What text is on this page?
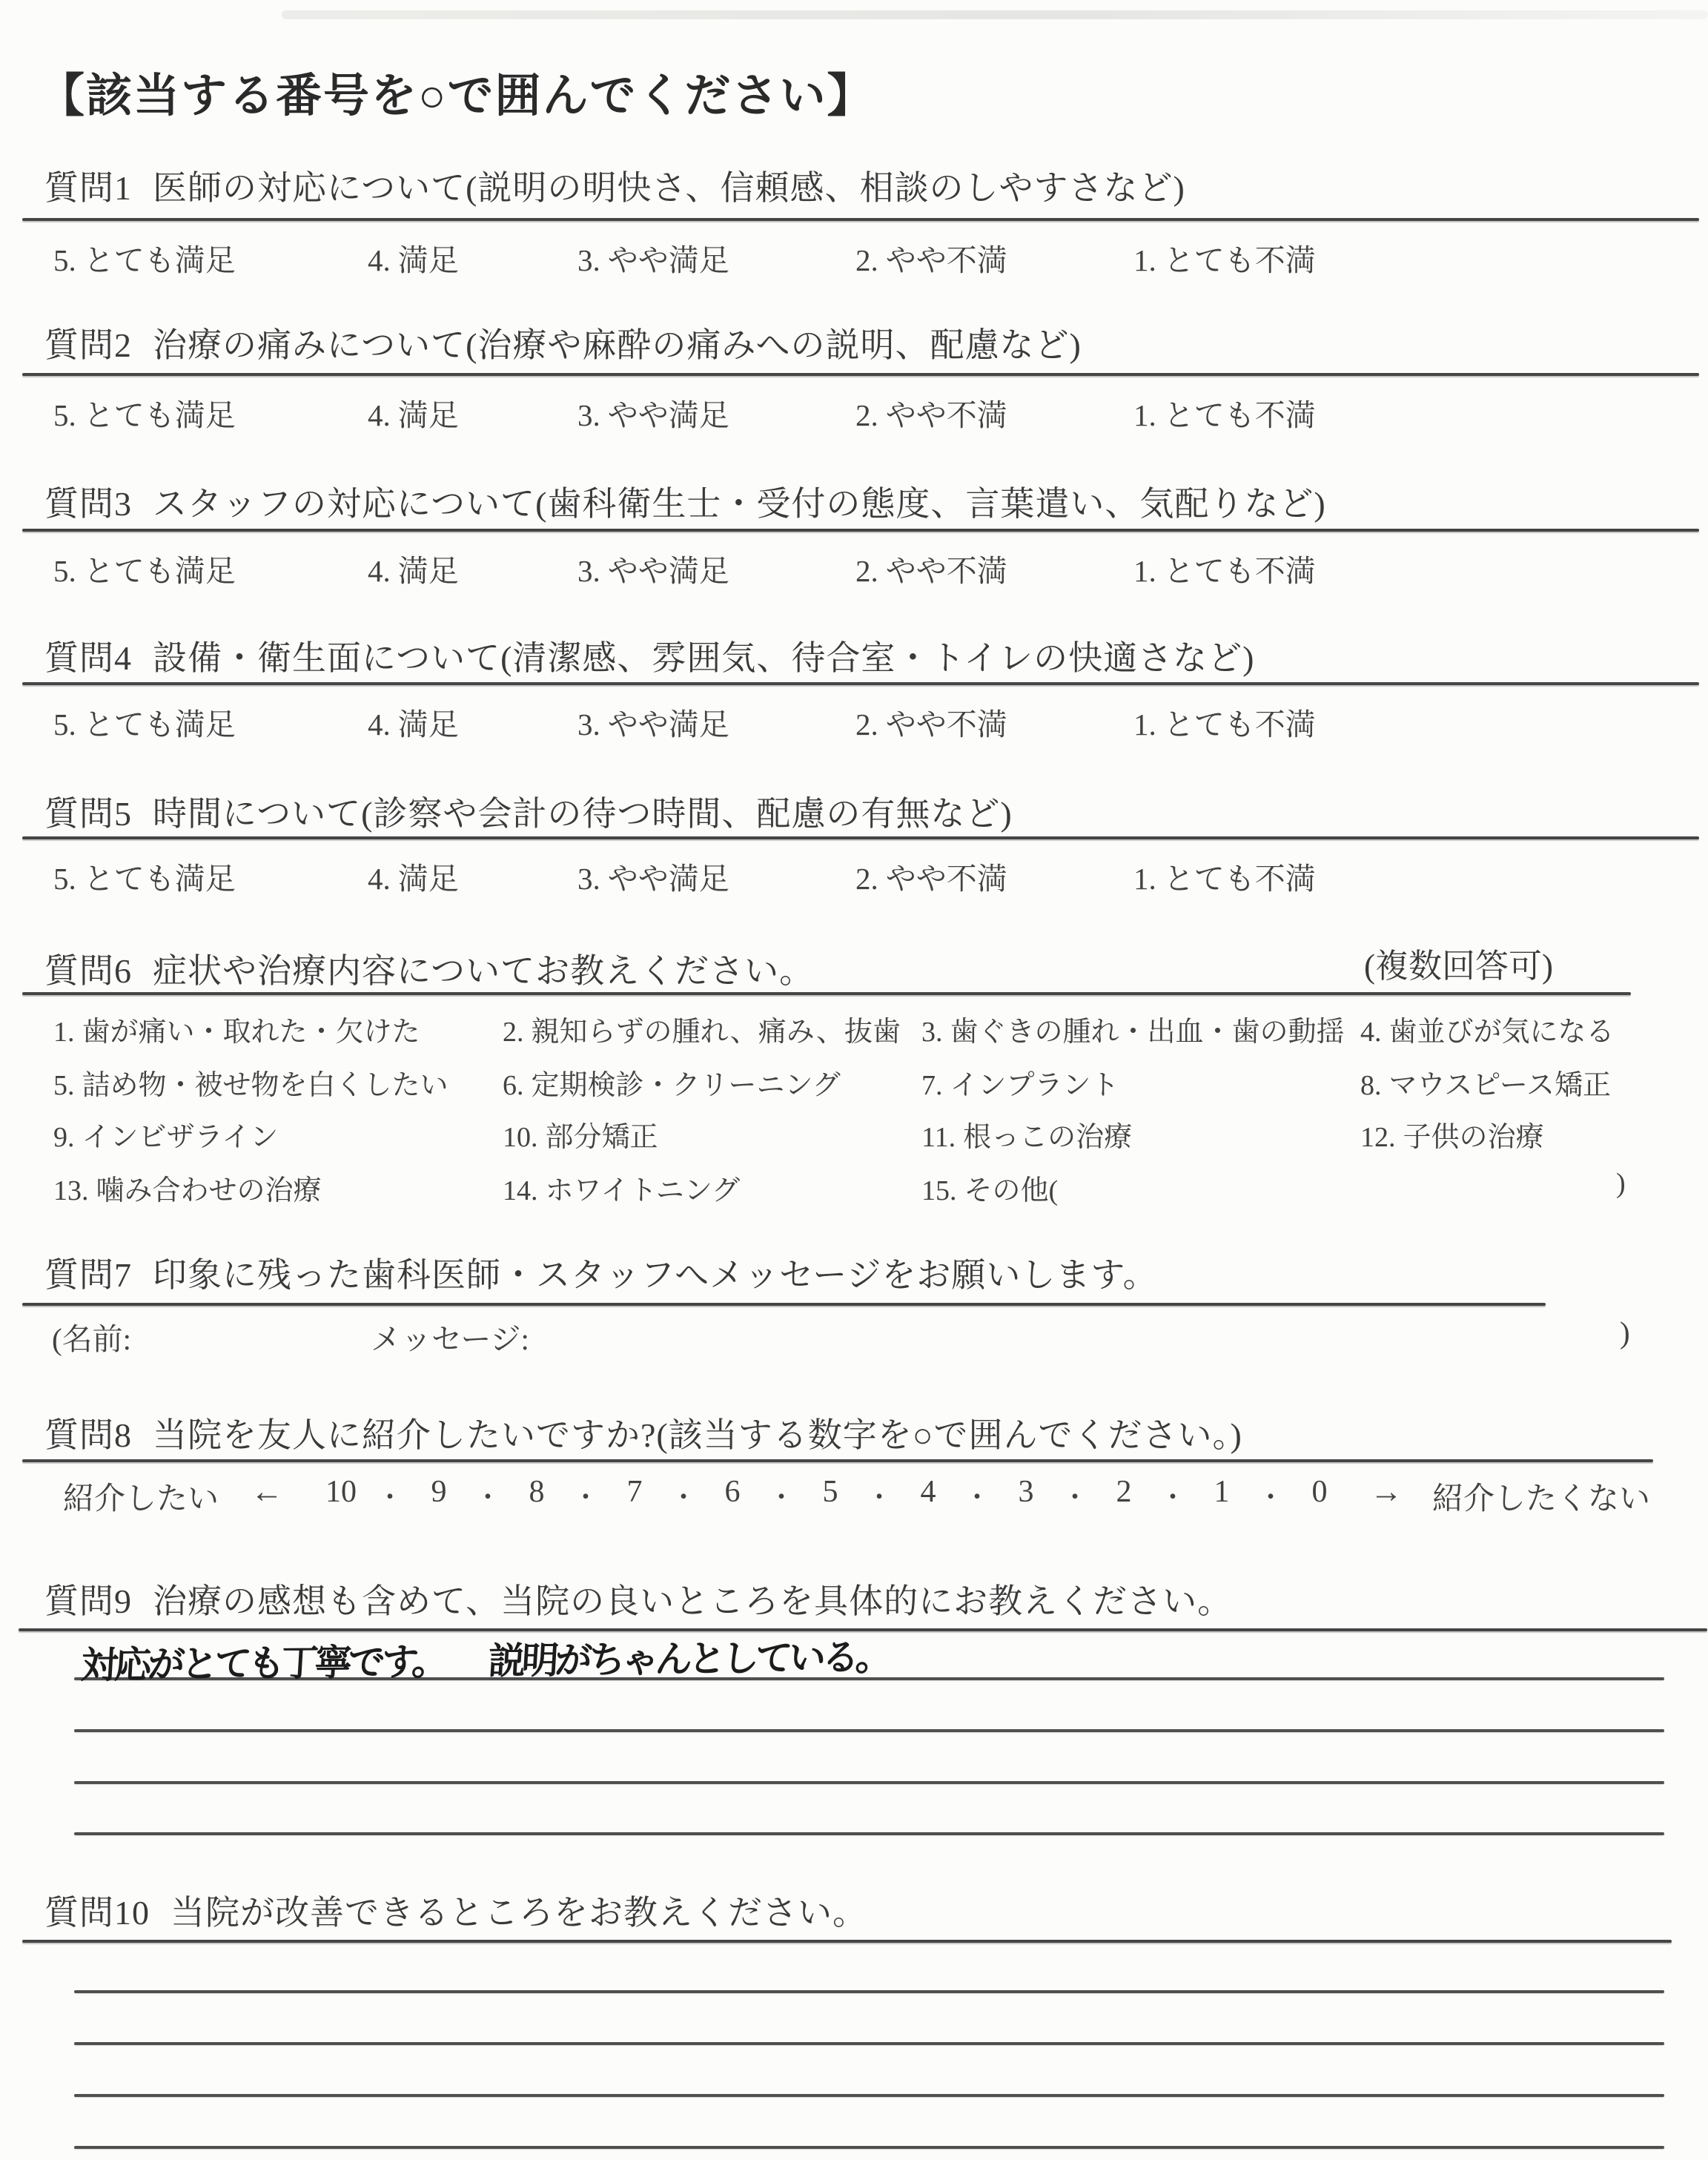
【該当する番号を○で囲んでください】
質問1 医師の対応について(説明の明快さ、信頼感、相談のしやすさなど)
5. とても満足	4. 満足	3. やや満足	2. やや不満	1. とても不満
質問2 治療の痛みについて(治療や麻酔の痛みへの説明、配慮など)
5. とても満足	4. 満足	3. やや満足	2. やや不満	1. とても不満
質問3 スタッフの対応について(歯科衛生士・受付の態度、言葉遣い、気配りなど)
5. とても満足	4. 満足	3. やや満足	2. やや不満	1. とても不満
質問4 設備・衛生面について(清潔感、雰囲気、待合室・トイレの快適さなど)
5. とても満足	4. 満足	3. やや満足	2. やや不満	1. とても不満
質問5 時間について(診察や会計の待つ時間、配慮の有無など)
5. とても満足	4. 満足	3. やや満足	2. やや不満	1. とても不満
質問6 症状や治療内容についてお教えください。	(複数回答可)
1. 歯が痛い・取れた・欠けた	2. 親知らずの腫れ、痛み、抜歯 3. 歯ぐきの腫れ・出血・歯の動揺 4. 歯並びが気になる
5. 詰め物・被せ物を白くしたい 6. 定期検診・クリーニング	7. インプラント	8. マウスピース矯正
9. インビザライン	10. 部分矯正	11. 根っこの治療	12. 子供の治療
13. 噛み合わせの治療	14. ホワイトニング	15. その他(	)
質問7 印象に残った歯科医師・スタッフへメッセージをお願いします。
(名前:	メッセージ:	)
質問8 当院を友人に紹介したいですか?(該当する数字を○で囲んでください。)
紹介したい ← 10 ・ 9 ・ 8 ・ 7 ・ 6 ・ 5 ・ 4 ・ 3 ・ 2 ・ 1 ・ 0 → 紹介したくない
質問9 治療の感想も含めて、当院の良いところを具体的にお教えください。
対応がとても丁寧です。 説明がちゃんとしている。
質問10 当院が改善できるところをお教えください。
